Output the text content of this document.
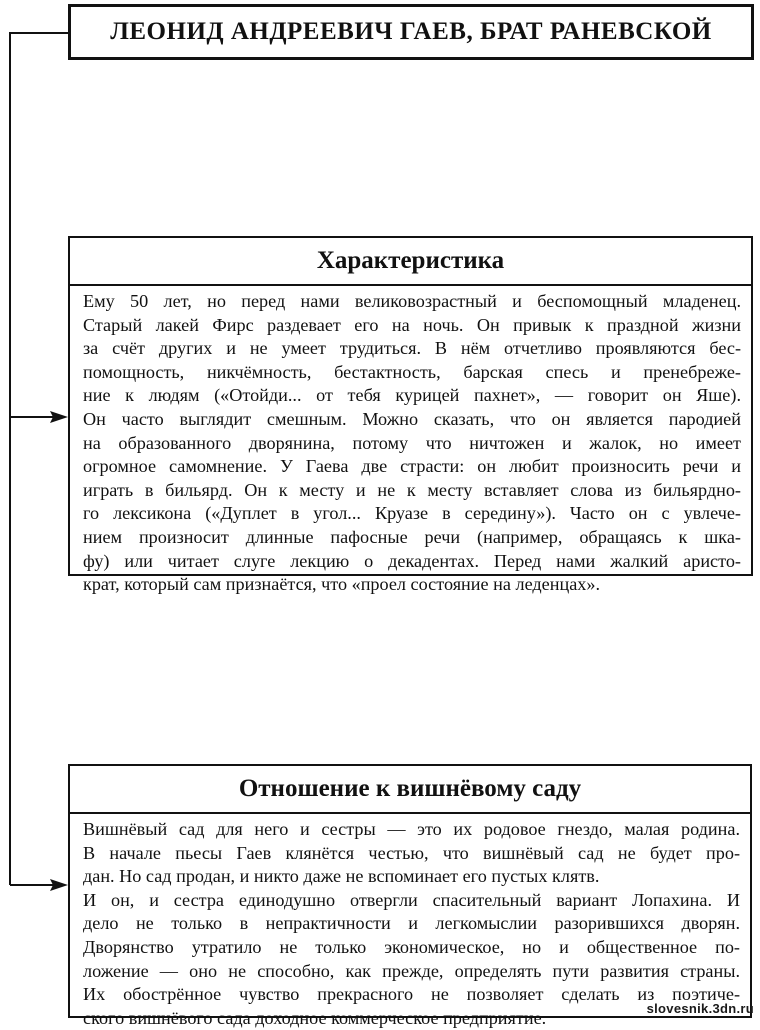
ЛЕОНИД АНДРЕЕВИЧ ГАЕВ, БРАТ РАНЕВСКОЙ
Характеристика
Ему 50 лет, но перед нами великовозрастный и беспомощный младенец.
Старый лакей Фирс раздевает его на ночь. Он привык к праздной жизни
за счёт других и не умеет трудиться. В нём отчетливо проявляются бес-
помощность, никчёмность, бестактность, барская спесь и пренебреже-
ние к людям («Отойди... от тебя курицей пахнет», — говорит он Яше).
Он часто выглядит смешным. Можно сказать, что он является пародией
на образованного дворянина, потому что ничтожен и жалок, но имеет
огромное самомнение. У Гаева две страсти: он любит произносить речи и
играть в бильярд. Он к месту и не к месту вставляет слова из бильярдно-
го лексикона («Дуплет в угол... Круазе в середину»). Часто он с увлече-
нием произносит длинные пафосные речи (например, обращаясь к шка-
фу) или читает слуге лекцию о декадентах. Перед нами жалкий аристо-
крат, который сам признаётся, что «проел состояние на леденцах».
Отношение к вишнёвому саду
Вишнёвый сад для него и сестры — это их родовое гнездо, малая родина.
В начале пьесы Гаев клянётся честью, что вишнёвый сад не будет про-
дан. Но сад продан, и никто даже не вспоминает его пустых клятв.
И он, и сестра единодушно отвергли спасительный вариант Лопахина. И
дело не только в непрактичности и легкомыслии разорившихся дворян.
Дворянство утратило не только экономическое, но и общественное по-
ложение — оно не способно, как прежде, определять пути развития страны.
Их обострённое чувство прекрасного не позволяет сделать из поэтиче-
ского вишнёвого сада доходное коммерческое предприятие.	slovesnik.3dn.ru
